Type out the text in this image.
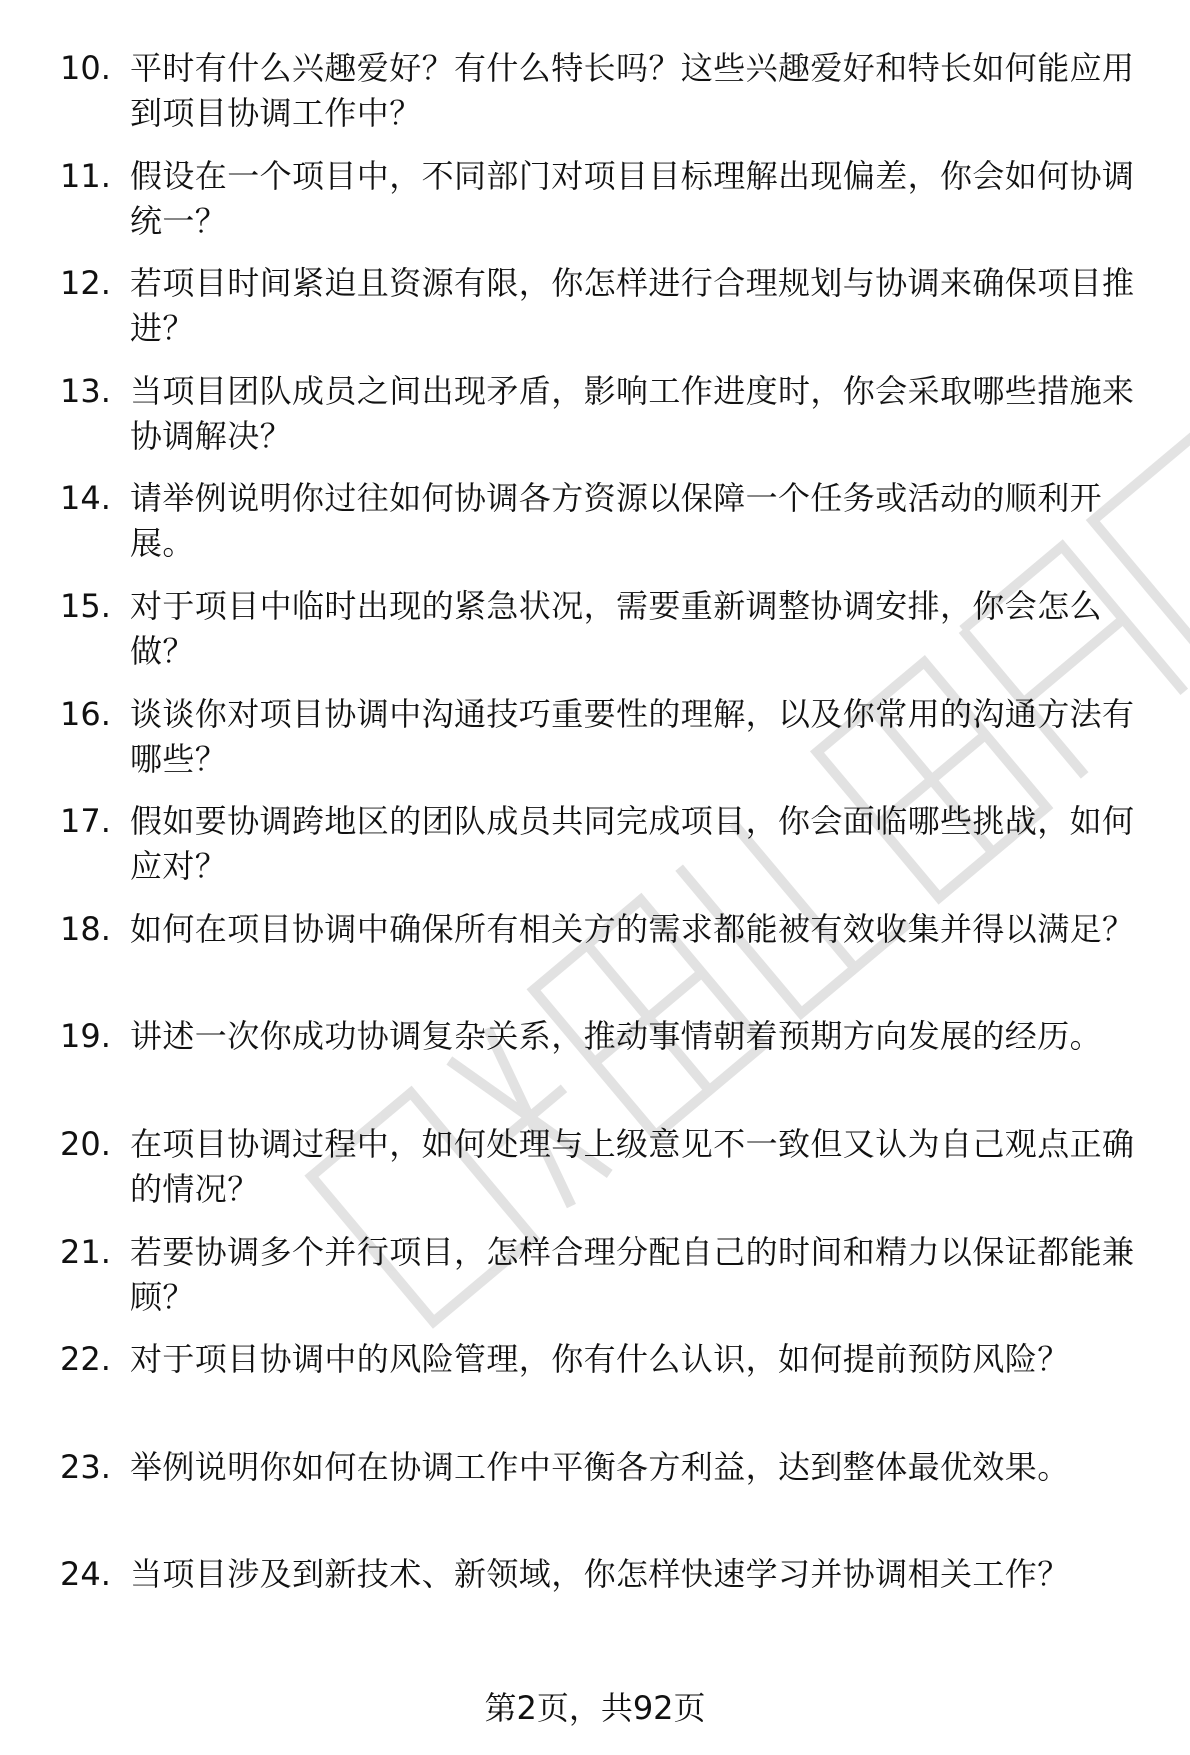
10. 平时有什么兴趣爱好？有什么特长吗？这些兴趣爱好和特长如何能应用到项目协调工作中？
11. 假设在一个项目中，不同部门对项目目标理解出现偏差，你会如何协调统一？
12. 若项目时间紧迫且资源有限，你怎样进行合理规划与协调来确保项目推进？
13. 当项目团队成员之间出现矛盾，影响工作进度时，你会采取哪些措施来协调解决？
14. 请举例说明你过往如何协调各方资源以保障一个任务或活动的顺利开展。
15. 对于项目中临时出现的紧急状况，需要重新调整协调安排，你会怎么做？
16. 谈谈你对项目协调中沟通技巧重要性的理解，以及你常用的沟通方法有哪些？
17. 假如要协调跨地区的团队成员共同完成项目，你会面临哪些挑战，如何应对？
18. 如何在项目协调中确保所有相关方的需求都能被有效收集并得以满足？
19. 讲述一次你成功协调复杂关系，推动事情朝着预期方向发展的经历。
20. 在项目协调过程中，如何处理与上级意见不一致但又认为自己观点正确的情况？
21. 若要协调多个并行项目，怎样合理分配自己的时间和精力以保证都能兼顾？
22. 对于项目协调中的风险管理，你有什么认识，如何提前预防风险？
23. 举例说明你如何在协调工作中平衡各方利益，达到整体最优效果。
24. 当项目涉及到新技术、新领域，你怎样快速学习并协调相关工作？
第2页，共92页
